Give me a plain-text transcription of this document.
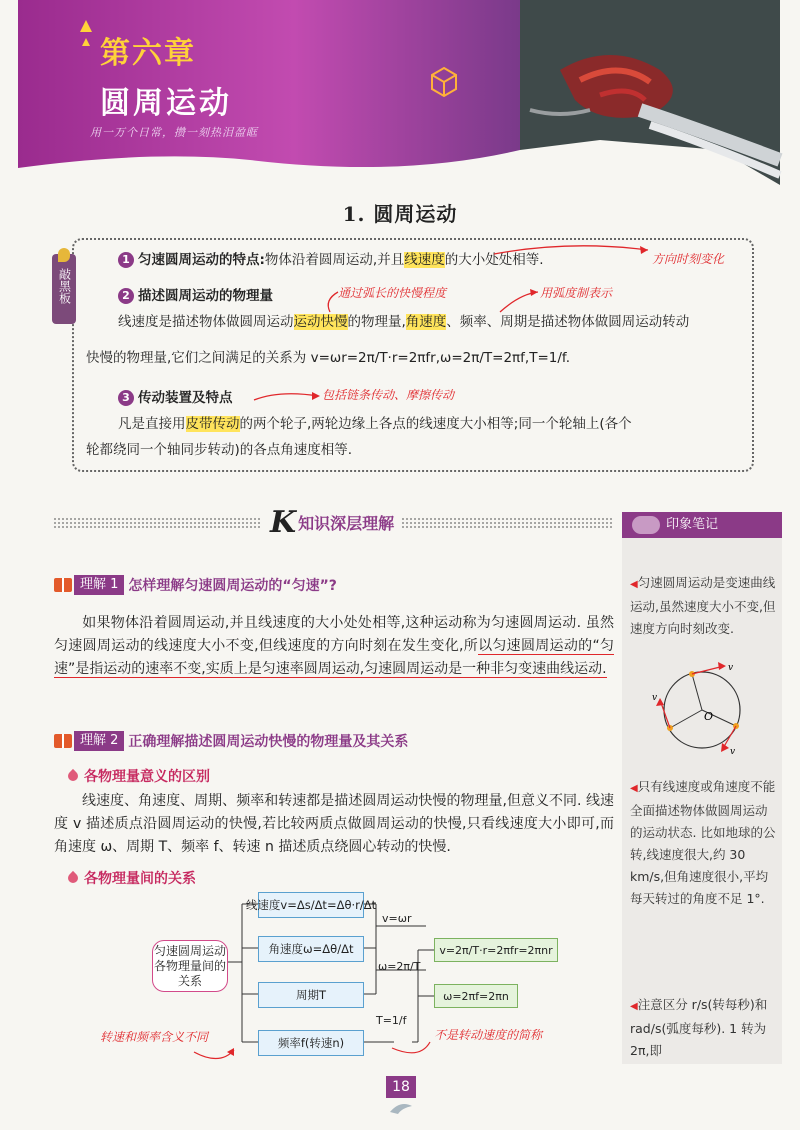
第六章
圆周运动
用一万个日常，攒一刻热泪盈眶
1. 圆周运动
敲黑板
1 匀速圆周运动的特点:物体沿着圆周运动,并且线速度的大小处处相等.	方向时刻变化
2 描述圆周运动的物理量	通过弧长的快慢程度	用弧度制表示
线速度是描述物体做圆周运动运动快慢的物理量,角速度、频率、周期是描述物体做圆周运动转动
快慢的物理量,它们之间满足的关系为 v=ωr=2π/T·r=2πfr,ω=2π/T=2πf,T=1/f.
3 传动装置及特点	包括链条传动、摩擦传动
凡是直接用皮带传动的两个轮子,两轮边缘上各点的线速度大小相等;同一个轮轴上(各个
轮都绕同一个轴同步转动)的各点角速度相等.
K 知识深层理解	印象笔记
◀匀速圆周运动是变速曲线运动,虽然速度大小不变,但速度方向时刻改变.
v
v
v
O
◀只有线速度或角速度不能全面描述物体做圆周运动的运动状态. 比如地球的公转,线速度很大,约 30 km/s,但角速度很小,平均每天转过的角度不足 1°.
◀注意区分 r/s(转每秒)和 rad/s(弧度每秒). 1 转为 2π,即
理解 1 怎样理解匀速圆周运动的“匀速”?
如果物体沿着圆周运动,并且线速度的大小处处相等,这种运动称为匀速圆周运动. 虽然匀速圆周运动的线速度大小不变,但线速度的方向时刻在发生变化,所以匀速圆周运动的“匀速”是指运动的速率不变,实质上是匀速率圆周运动,匀速圆周运动是一种非匀变速曲线运动.
理解 2 正确理解描述圆周运动快慢的物理量及其关系
各物理量意义的区别
线速度、角速度、周期、频率和转速都是描述圆周运动快慢的物理量,但意义不同. 线速度 v 描述质点沿圆周运动的快慢,若比较两质点做圆周运动的快慢,只看线速度大小即可,而角速度 ω、周期 T、频率 f、转速 n 描述质点绕圆心转动的快慢.
各物理量间的关系
匀速圆周运动各物理量间的关系
线速度v=Δs/Δt=Δθ·r/Δt
角速度ω=Δθ/Δt
周期T
频率f(转速n)
v=ωr
ω=2π/T
T=1/f
v=2π/T·r=2πfr=2πnr
ω=2πf=2πn
转速和频率含义不同	不是转动速度的简称
18
